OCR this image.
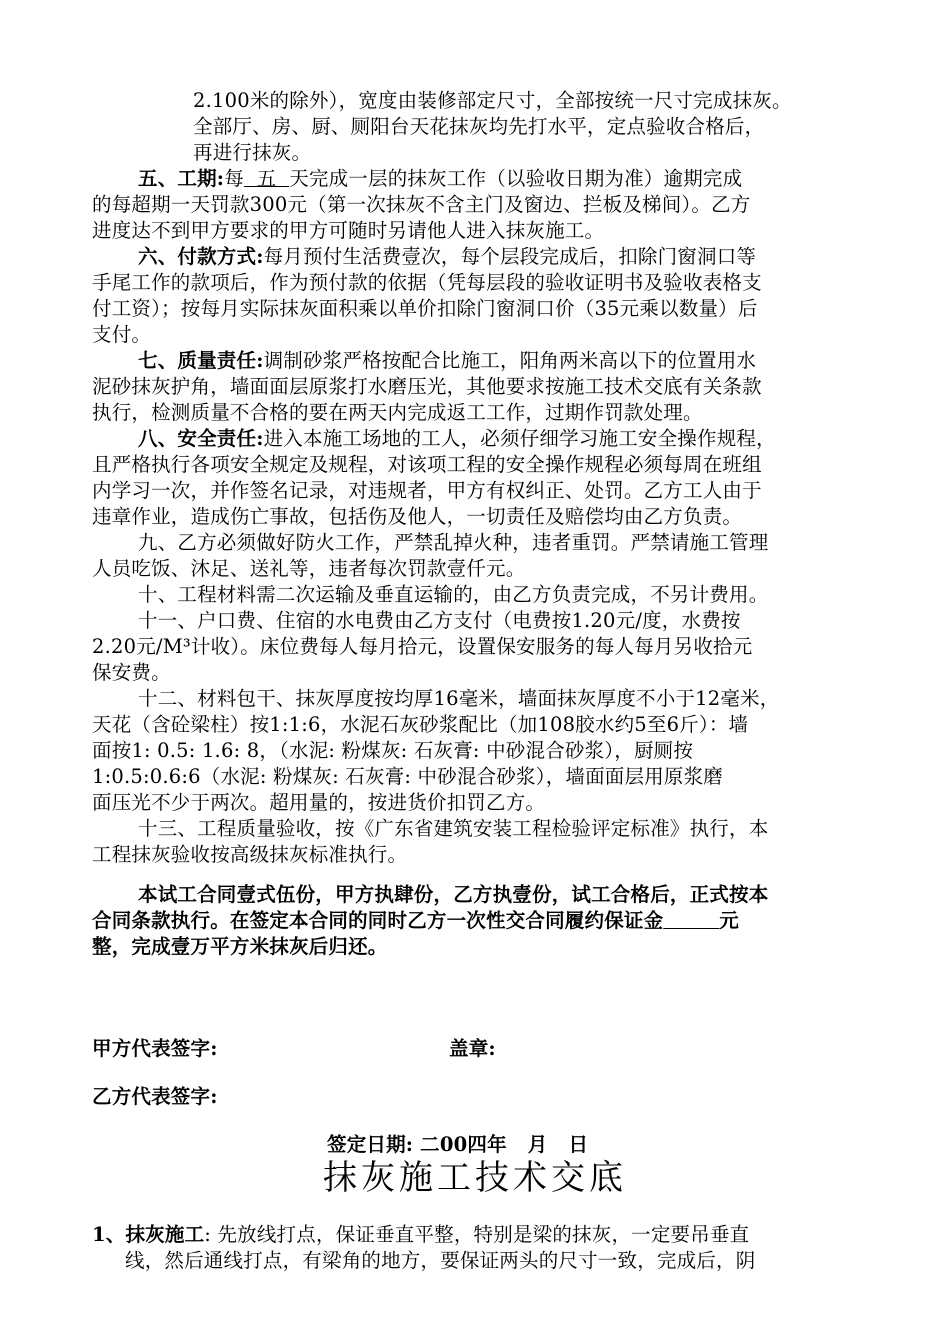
2.100米的除外），宽度由装修部定尺寸，全部按统一尺寸完成抹灰。
全部厅、房、厨、厕阳台天花抹灰均先打水平，定点验收合格后，
再进行抹灰。
五、工期:每  五  天完成一层的抹灰工作（以验收日期为准）逾期完成
的每超期一天罚款300元（第一次抹灰不含主门及窗边、拦板及梯间）。乙方
进度达不到甲方要求的甲方可随时另请他人进入抹灰施工。
六、付款方式:每月预付生活费壹次，每个层段完成后，扣除门窗洞口等
手尾工作的款项后，作为预付款的依据（凭每层段的验收证明书及验收表格支
付工资）；按每月实际抹灰面积乘以单价扣除门窗洞口价（35元乘以数量）后
支付。
七、质量责任:调制砂浆严格按配合比施工，阳角两米高以下的位置用水
泥砂抹灰护角，墙面面层原浆打水磨压光，其他要求按施工技术交底有关条款
执行，检测质量不合格的要在两天内完成返工工作，过期作罚款处理。
八、安全责任:进入本施工场地的工人，必须仔细学习施工安全操作规程，
且严格执行各项安全规定及规程，对该项工程的安全操作规程必须每周在班组
内学习一次，并作签名记录，对违规者，甲方有权纠正、处罚。乙方工人由于
违章作业，造成伤亡事故，包括伤及他人，一切责任及赔偿均由乙方负责。
九、乙方必须做好防火工作，严禁乱掉火种，违者重罚。严禁请施工管理
人员吃饭、沐足、送礼等，违者每次罚款壹仟元。
十、工程材料需二次运输及垂直运输的，由乙方负责完成，不另计费用。
十一、户口费、住宿的水电费由乙方支付（电费按1.20元/度，水费按
2.20元/M³计收）。床位费每人每月拾元，设置保安服务的每人每月另收拾元
保安费。
十二、材料包干、抹灰厚度按均厚16毫米，墙面抹灰厚度不小于12毫米，
天花（含砼梁柱）按1:1:6，水泥石灰砂浆配比（加108胶水约5至6斤）：墙
面按1: 0.5: 1.6: 8，（水泥: 粉煤灰: 石灰膏: 中砂混合砂浆），厨厕按
1:0.5:0.6:6（水泥: 粉煤灰: 石灰膏: 中砂混合砂浆），墙面面层用原浆磨
面压光不少于两次。超用量的，按进货价扣罚乙方。
十三、工程质量验收，按《广东省建筑安装工程检验评定标准》执行，本
工程抹灰验收按高级抹灰标准执行。
本试工合同壹式伍份，甲方执肆份，乙方执壹份，试工合格后，正式按本
合同条款执行。在签定本合同的同时乙方一次性交合同履约保证金	元
整，完成壹万平方米抹灰后归还。
甲方代表签字:	盖章:
乙方代表签字:
签定日期: 二00四年   月   日
抹灰施工技术交底
1、抹灰施工: 先放线打点，保证垂直平整，特别是梁的抹灰，一定要吊垂直
线，然后通线打点，有梁角的地方，要保证两头的尺寸一致，完成后，阴
